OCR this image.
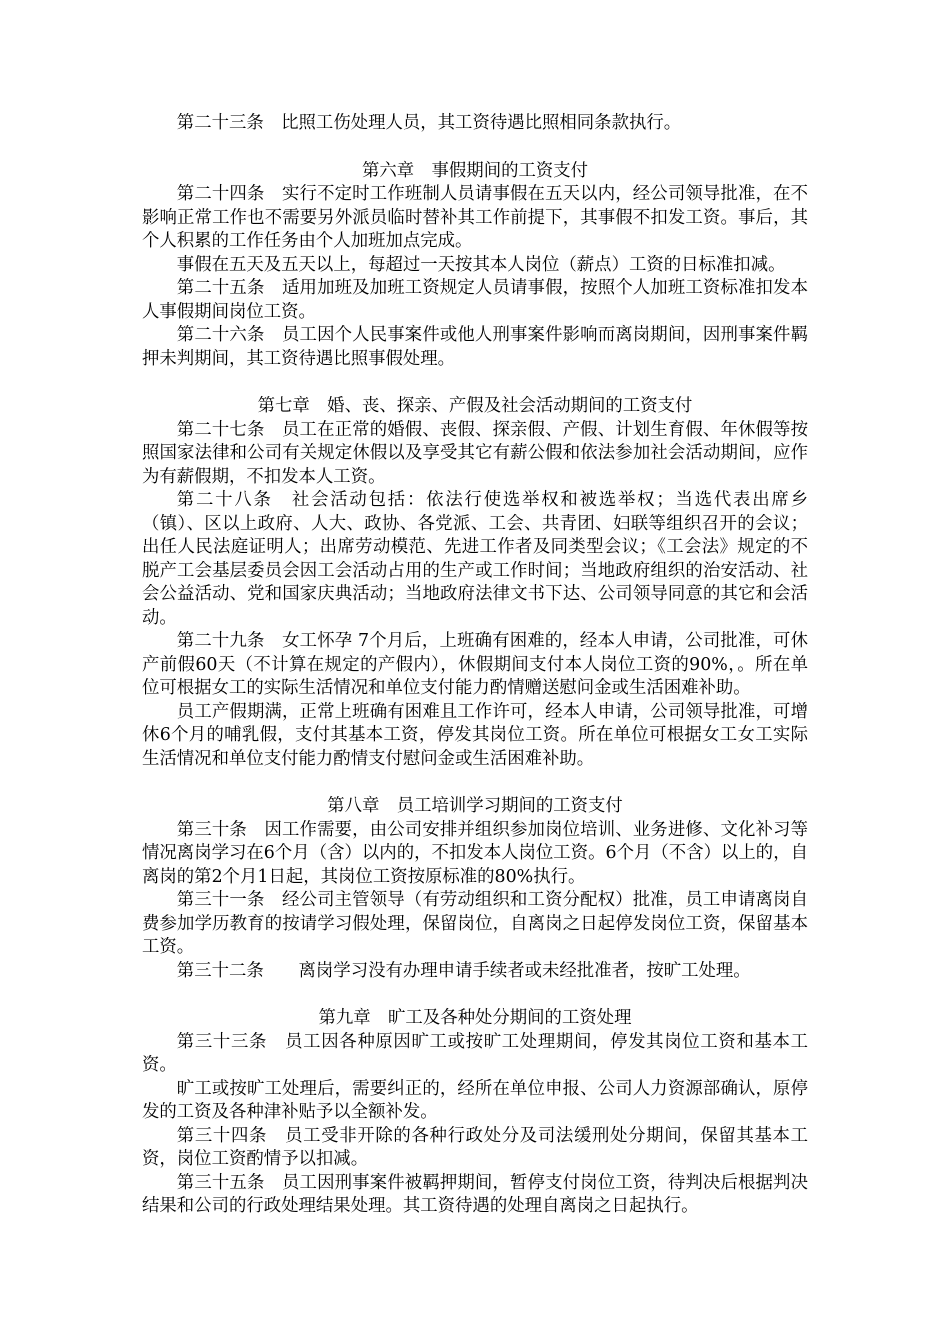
第二十三条　比照工伤处理人员，其工资待遇比照相同条款执行。

第六章　事假期间的工资支付

第二十四条　实行不定时工作班制人员请事假在五天以内，经公司领导批准，在不影响正常工作也不需要另外派员临时替补其工作前提下，其事假不扣发工资。事后，其个人积累的工作任务由个人加班加点完成。

事假在五天及五天以上，每超过一天按其本人岗位（薪点）工资的日标准扣减。

第二十五条　适用加班及加班工资规定人员请事假，按照个人加班工资标准扣发本人事假期间岗位工资。

第二十六条　员工因个人民事案件或他人刑事案件影响而离岗期间，因刑事案件羁押未判期间，其工资待遇比照事假处理。

第七章　婚、丧、探亲、产假及社会活动期间的工资支付

第二十七条　员工在正常的婚假、丧假、探亲假、产假、计划生育假、年休假等按照国家法律和公司有关规定休假以及享受其它有薪公假和依法参加社会活动期间，应作为有薪假期，不扣发本人工资。

第二十八条　社会活动包括：依法行使选举权和被选举权；当选代表出席乡（镇）、区以上政府、人大、政协、各党派、工会、共青团、妇联等组织召开的会议；出任人民法庭证明人；出席劳动模范、先进工作者及同类型会议；《工会法》规定的不脱产工会基层委员会因工会活动占用的生产或工作时间；当地政府组织的治安活动、社会公益活动、党和国家庆典活动；当地政府法律文书下达、公司领导同意的其它和会活动。

第二十九条　女工怀孕 7个月后，上班确有困难的，经本人申请，公司批准，可休产前假60天（不计算在规定的产假内），休假期间支付本人岗位工资的90%，。所在单位可根据女工的实际生活情况和单位支付能力酌情赠送慰问金或生活困难补助。

员工产假期满，正常上班确有困难且工作许可，经本人申请，公司领导批准，可增休6个月的哺乳假，支付其基本工资，停发其岗位工资。所在单位可根据女工女工实际生活情况和单位支付能力酌情支付慰问金或生活困难补助。

第八章　员工培训学习期间的工资支付

第三十条　因工作需要，由公司安排并组织参加岗位培训、业务进修、文化补习等情况离岗学习在6个月（含）以内的，不扣发本人岗位工资。6个月（不含）以上的，自离岗的第2个月1日起，其岗位工资按原标准的80%执行。

第三十一条　经公司主管领导（有劳动组织和工资分配权）批准，员工申请离岗自费参加学历教育的按请学习假处理，保留岗位，自离岗之日起停发岗位工资，保留基本工资。

第三十二条　　离岗学习没有办理申请手续者或未经批准者，按旷工处理。

第九章　旷工及各种处分期间的工资处理

第三十三条　员工因各种原因旷工或按旷工处理期间，停发其岗位工资和基本工资。

旷工或按旷工处理后，需要纠正的，经所在单位申报、公司人力资源部确认，原停发的工资及各种津补贴予以全额补发。

第三十四条　员工受非开除的各种行政处分及司法缓刑处分期间，保留其基本工资，岗位工资酌情予以扣减。

第三十五条　员工因刑事案件被羁押期间，暂停支付岗位工资，待判决后根据判决结果和公司的行政处理结果处理。其工资待遇的处理自离岗之日起执行。
